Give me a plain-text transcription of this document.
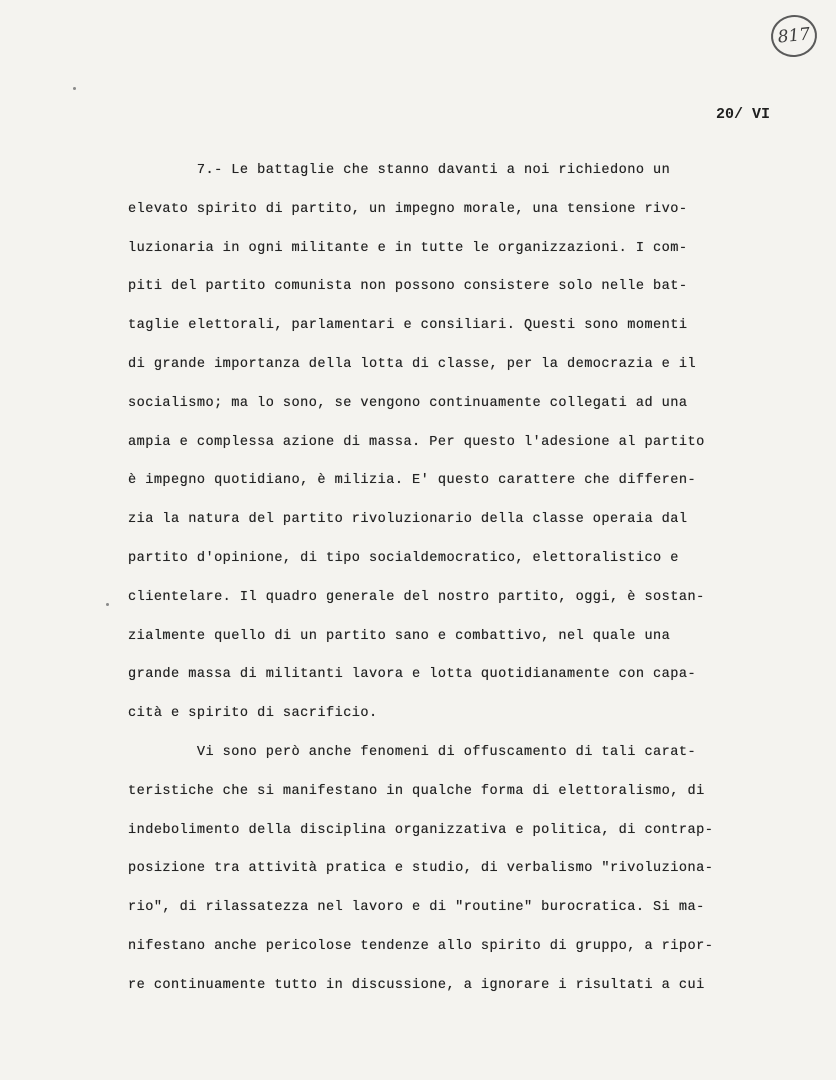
817
20/ VI
7.- Le battaglie che stanno davanti a noi richiedono un
elevato spirito di partito, un impegno morale, una tensione rivo-
luzionaria in ogni militante e in tutte le organizzazioni. I com-
piti del partito comunista non possono consistere solo nelle bat-
taglie elettorali, parlamentari e consiliari. Questi sono momenti
di grande importanza della lotta di classe, per la democrazia e il
socialismo; ma lo sono, se vengono continuamente collegati ad una
ampia e complessa azione di massa. Per questo l'adesione al partito
è impegno quotidiano, è milizia. E' questo carattere che differen-
zia la natura del partito rivoluzionario della classe operaia dal
partito d'opinione, di tipo socialdemocratico, elettoralistico e
clientelare. Il quadro generale del nostro partito, oggi, è sostan-
zialmente quello di un partito sano e combattivo, nel quale una
grande massa di militanti lavora e lotta quotidianamente con capa-
cità e spirito di sacrificio.
Vi sono però anche fenomeni di offuscamento di tali carat-
teristiche che si manifestano in qualche forma di elettoralismo, di
indebolimento della disciplina organizzativa e politica, di contrap-
posizione tra attività pratica e studio, di verbalismo "rivoluziona-
rio", di rilassatezza nel lavoro e di "routine" burocratica. Si ma-
nifestano anche pericolose tendenze allo spirito di gruppo, a ripor-
re continuamente tutto in discussione, a ignorare i risultati a cui
